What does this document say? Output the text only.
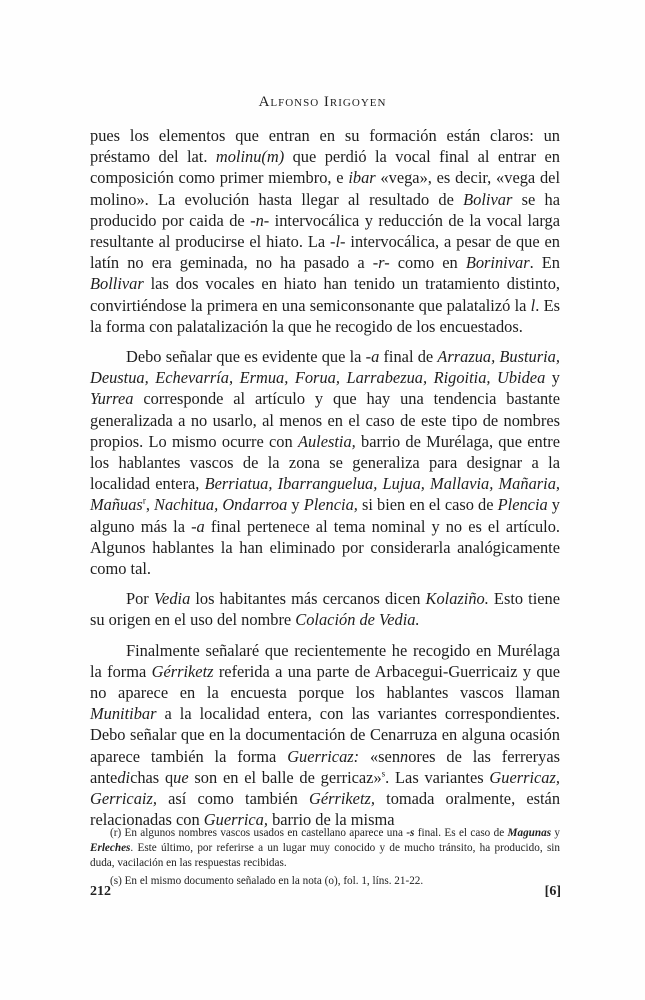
Alfonso Irigoyen

pues los elementos que entran en su formación están claros: un préstamo del lat. molinu(m) que perdió la vocal final al entrar en composición como primer miembro, e ibar «vega», es decir, «vega del molino». La evolución hasta llegar al resultado de Bolivar se ha producido por caida de -n- intervocálica y reducción de la vocal larga resultante al producirse el hiato. La -l- intervocálica, a pesar de que en latín no era geminada, no ha pasado a -r- como en Borinivar. En Bollivar las dos vocales en hiato han tenido un tratamiento distinto, convirtiéndose la primera en una semiconsonante que palatalizó la l. Es la forma con palatalización la que he recogido de los encuestados.

Debo señalar que es evidente que la -a final de Arrazua, Busturia, Deustua, Echevarría, Ermua, Forua, Larrabezua, Rigoitia, Ubidea y Yurrea corresponde al artículo y que hay una tendencia bastante generalizada a no usarlo, al menos en el caso de este tipo de nombres propios. Lo mismo ocurre con Aulestia, barrio de Murélaga, que entre los hablantes vascos de la zona se generaliza para designar a la localidad entera, Berriatua, Ibarranguelua, Lujua, Mallavia, Mañaria, Mañuas$^r$, Nachitua, Ondarroa y Plencia, si bien en el caso de Plencia y alguno más la -a final pertenece al tema nominal y no es el artículo. Algunos hablantes la han eliminado por considerarla analógicamente como tal.

Por Vedia los habitantes más cercanos dicen Kolaziño. Esto tiene su origen en el uso del nombre Colación de Vedia.

Finalmente señalaré que recientemente he recogido en Murélaga la forma Gérriketz referida a una parte de Arbacegui-Guerricaiz y que no aparece en la encuesta porque los hablantes vascos llaman Munitibar a la localidad entera, con las variantes correspondientes. Debo señalar que en la documentación de Cenarruza en alguna ocasión aparece también la forma Guerricaz: «sennores de las ferreryas antedichas que son en el balle de gerricaz»$^s$. Las variantes Guerricaz, Gerricaiz, así como también Gérriketz, tomada oralmente, están relacionadas con Guerrica, barrio de la misma

(r) En algunos nombres vascos usados en castellano aparece una -s final. Es el caso de Magunas y Erleches. Este último, por referirse a un lugar muy conocido y de mucho tránsito, ha producido, sin duda, vacilación en las respuestas recibidas.

(s) En el mismo documento señalado en la nota (o), fol. 1, líns. 21-22.

212	[6]
